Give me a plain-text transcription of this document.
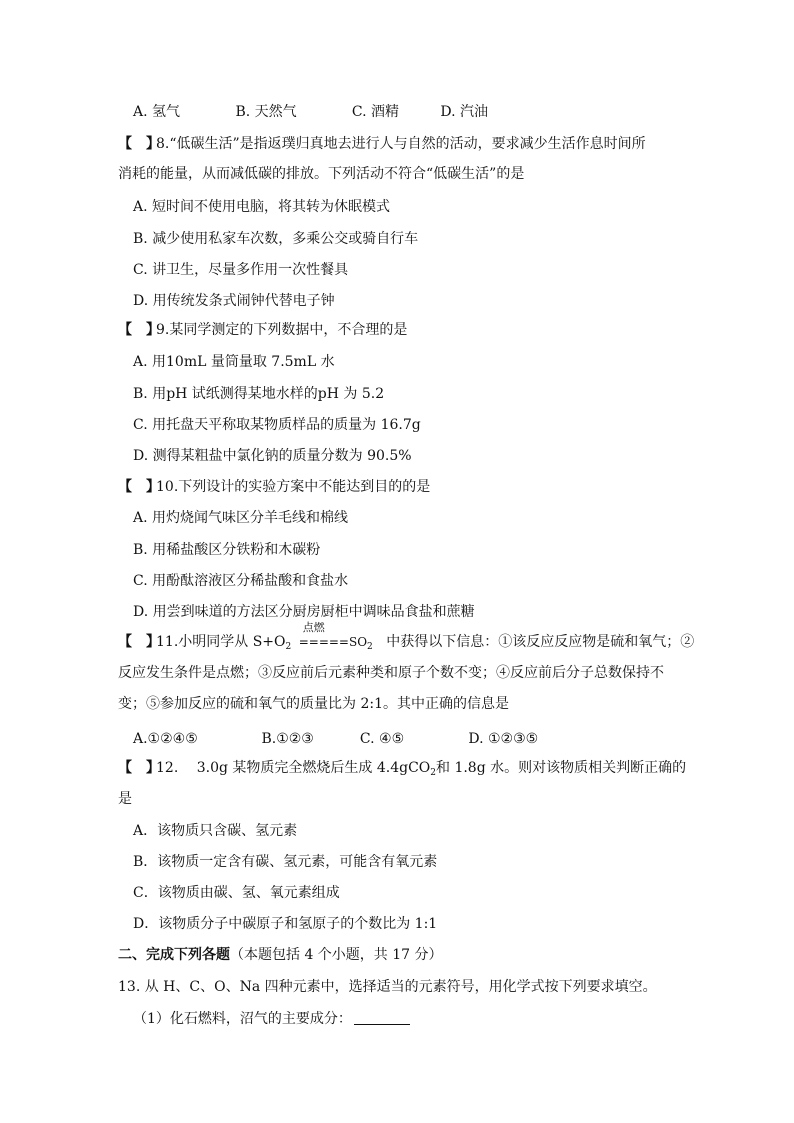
A. 氢气	B. 天然气	C. 酒精	D. 汽油
【　】8.“低碳生活”是指返璞归真地去进行人与自然的活动，要求减少生活作息时间所
消耗的能量，从而减低碳的排放。下列活动不符合“低碳生活”的是
A. 短时间不使用电脑，将其转为休眠模式
B. 减少使用私家车次数，多乘公交或骑自行车
C. 讲卫生，尽量多作用一次性餐具
D. 用传统发条式闹钟代替电子钟
【　】9.某同学测定的下列数据中，不合理的是
A. 用10mL 量筒量取 7.5mL 水
B. 用pH 试纸测得某地水样的pH 为 5.2
C. 用托盘天平称取某物质样品的质量为 16.7g
D. 测得某粗盐中氯化钠的质量分数为 90.5%
【　】10.下列设计的实验方案中不能达到目的的是
A. 用灼烧闻气味区分羊毛线和棉线
B. 用稀盐酸区分铁粉和木碳粉
C. 用酚酞溶液区分稀盐酸和食盐水
D. 用尝到味道的方法区分厨房厨柜中调味品食盐和蔗糖
【　】11.小明同学从 $S+O_2$
点燃
$=====SO_2$ 中获得以下信息：①该反应反应物是硫和氧气；②
反应发生条件是点燃；③反应前后元素种类和原子个数不变；④反应前后分子总数保持不
变；⑤参加反应的硫和氧气的质量比为 2:1。其中正确的信息是
A.①②④⑤	B.①②③	C. ④⑤	D. ①②③⑤
【　】12.　 3.0g 某物质完全燃烧后生成 4.4gCO$_2$和 1.8g 水。则对该物质相关判断正确的
是
A．该物质只含碳、氢元素
B．该物质一定含有碳、氢元素，可能含有氧元素
C．该物质由碳、氢、氧元素组成
D．该物质分子中碳原子和氢原子的个数比为 1:1
二、完成下列各题（本题包括 4 个小题，共 17 分）
13. 从 H、C、O、Na 四种元素中，选择适当的元素符号，用化学式按下列要求填空。
（1）化石燃料，沼气的主要成分：
